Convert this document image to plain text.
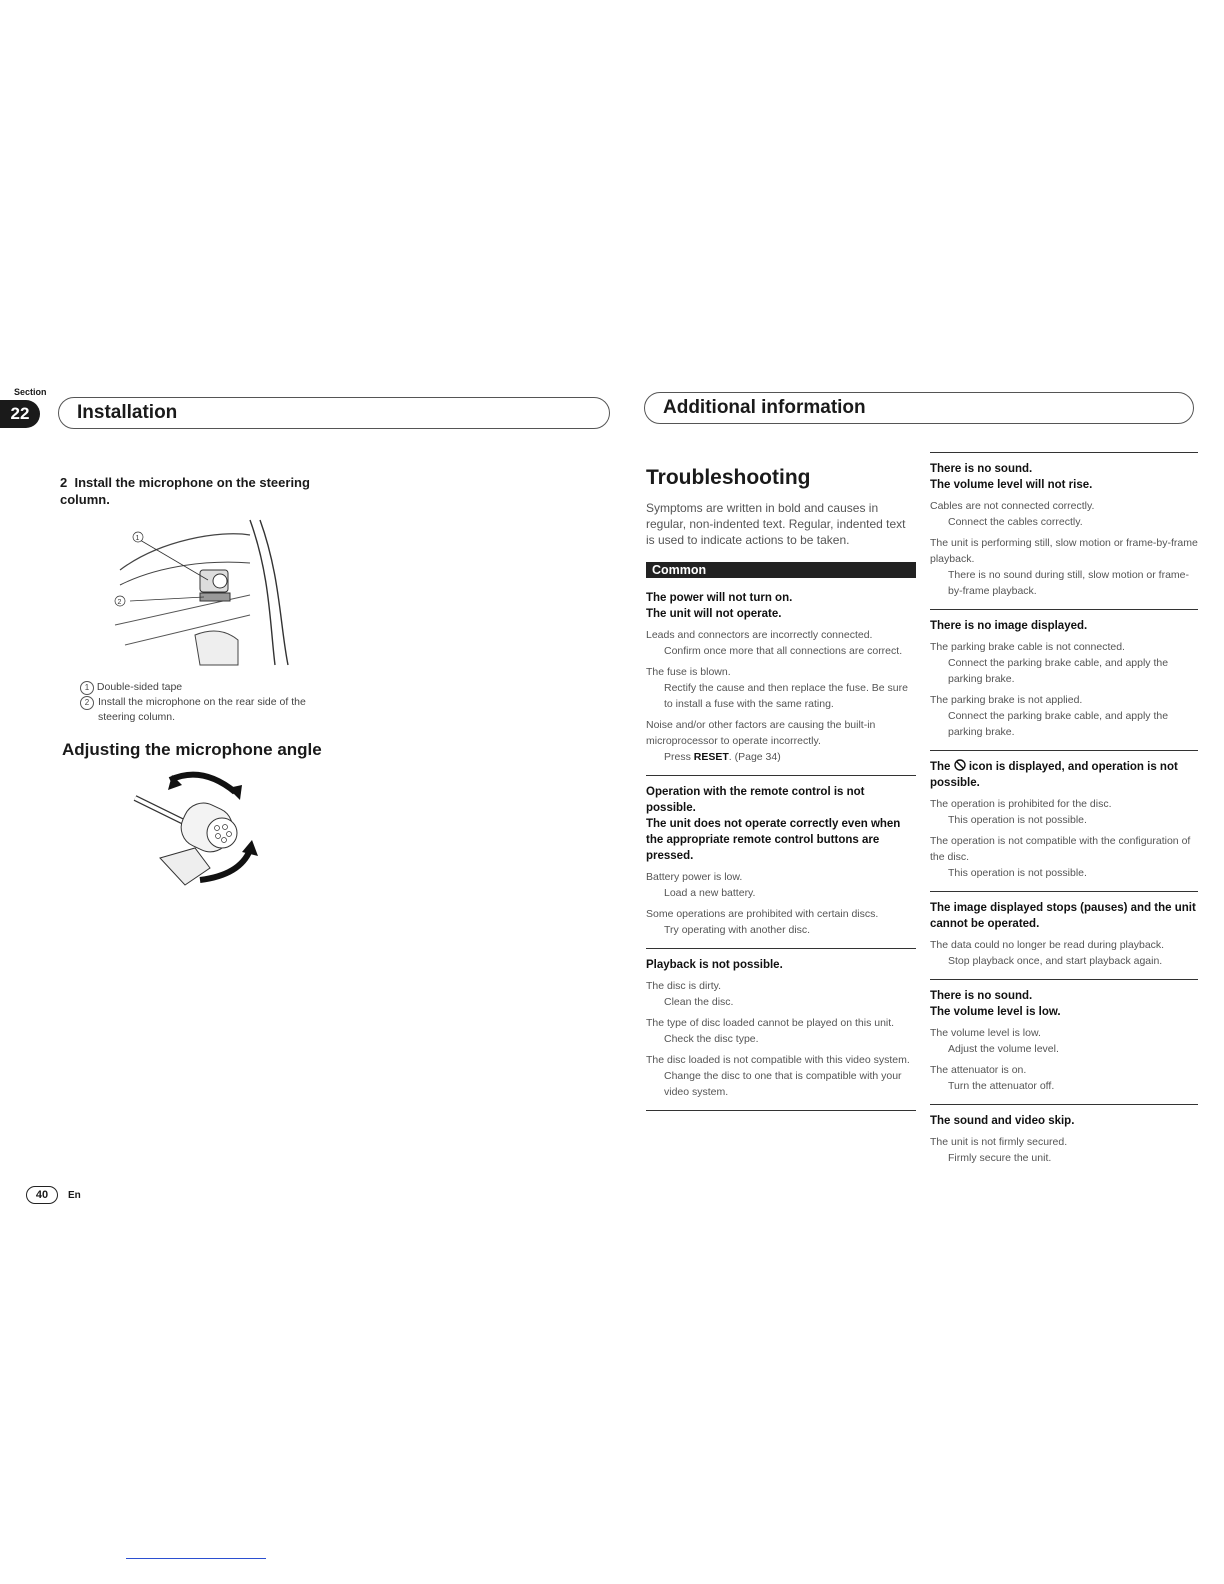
Section
22	Installation
2 Install the microphone on the steering column.
1
2
1 Double-sided tape
2 Install the microphone on the rear side of the steering column.
Adjusting the microphone angle
40	En
Additional information
Troubleshooting
Symptoms are written in bold and causes in regular, non-indented text. Regular, indented text is used to indicate actions to be taken.
Common

The power will not turn on.

The unit will not operate.

Leads and connectors are incorrectly connected.

Confirm once more that all connections are correct.

The fuse is blown.

Rectify the cause and then replace the fuse. Be sure to install a fuse with the same rating.

Noise and/or other factors are causing the built-in microprocessor to operate incorrectly.

Press RESET. (Page 34)

Operation with the remote control is not possible.

The unit does not operate correctly even when the appropriate remote control buttons are pressed.

Battery power is low.

Load a new battery.

Some operations are prohibited with certain discs.

Try operating with another disc.

Playback is not possible.

The disc is dirty.

Clean the disc.

The type of disc loaded cannot be played on this unit.

Check the disc type.

The disc loaded is not compatible with this video system.

Change the disc to one that is compatible with your video system.

There is no sound.

The volume level will not rise.

Cables are not connected correctly.

Connect the cables correctly.

The unit is performing still, slow motion or frame-by-frame playback.

There is no sound during still, slow motion or frame-by-frame playback.

There is no image displayed.

The parking brake cable is not connected.

Connect the parking brake cable, and apply the parking brake.

The parking brake is not applied.

Connect the parking brake cable, and apply the parking brake.

The icon is displayed, and operation is not possible.

The operation is prohibited for the disc.

This operation is not possible.

The operation is not compatible with the configuration of the disc.

This operation is not possible.

The image displayed stops (pauses) and the unit cannot be operated.

The data could no longer be read during playback.

Stop playback once, and start playback again.

There is no sound.

The volume level is low.

The volume level is low.

Adjust the volume level.

The attenuator is on.

Turn the attenuator off.

The sound and video skip.

The unit is not firmly secured.

Firmly secure the unit.
